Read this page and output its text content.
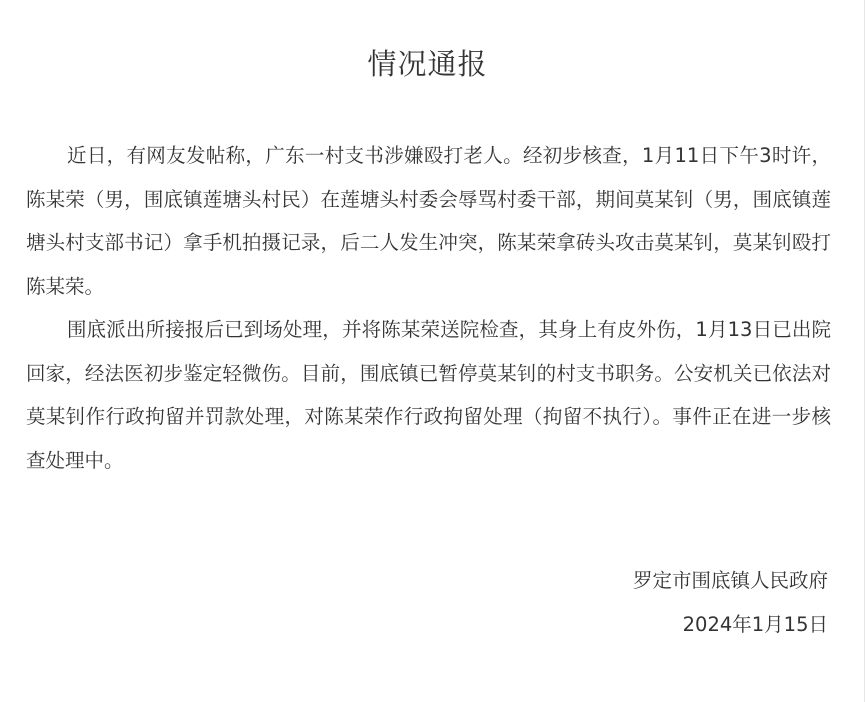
情况通报

近日，有网友发帖称，广东一村支书涉嫌殴打老人。经初步核查，1月11日下午3时许，陈某荣（男，围底镇莲塘头村民）在莲塘头村委会辱骂村委干部，期间莫某钊（男，围底镇莲塘头村支部书记）拿手机拍摄记录，后二人发生冲突，陈某荣拿砖头攻击莫某钊，莫某钊殴打陈某荣。

围底派出所接报后已到场处理，并将陈某荣送院检查，其身上有皮外伤，1月13日已出院回家，经法医初步鉴定轻微伤。目前，围底镇已暂停莫某钊的村支书职务。公安机关已依法对莫某钊作行政拘留并罚款处理，对陈某荣作行政拘留处理（拘留不执行）。事件正在进一步核查处理中。

罗定市围底镇人民政府
2024年1月15日
